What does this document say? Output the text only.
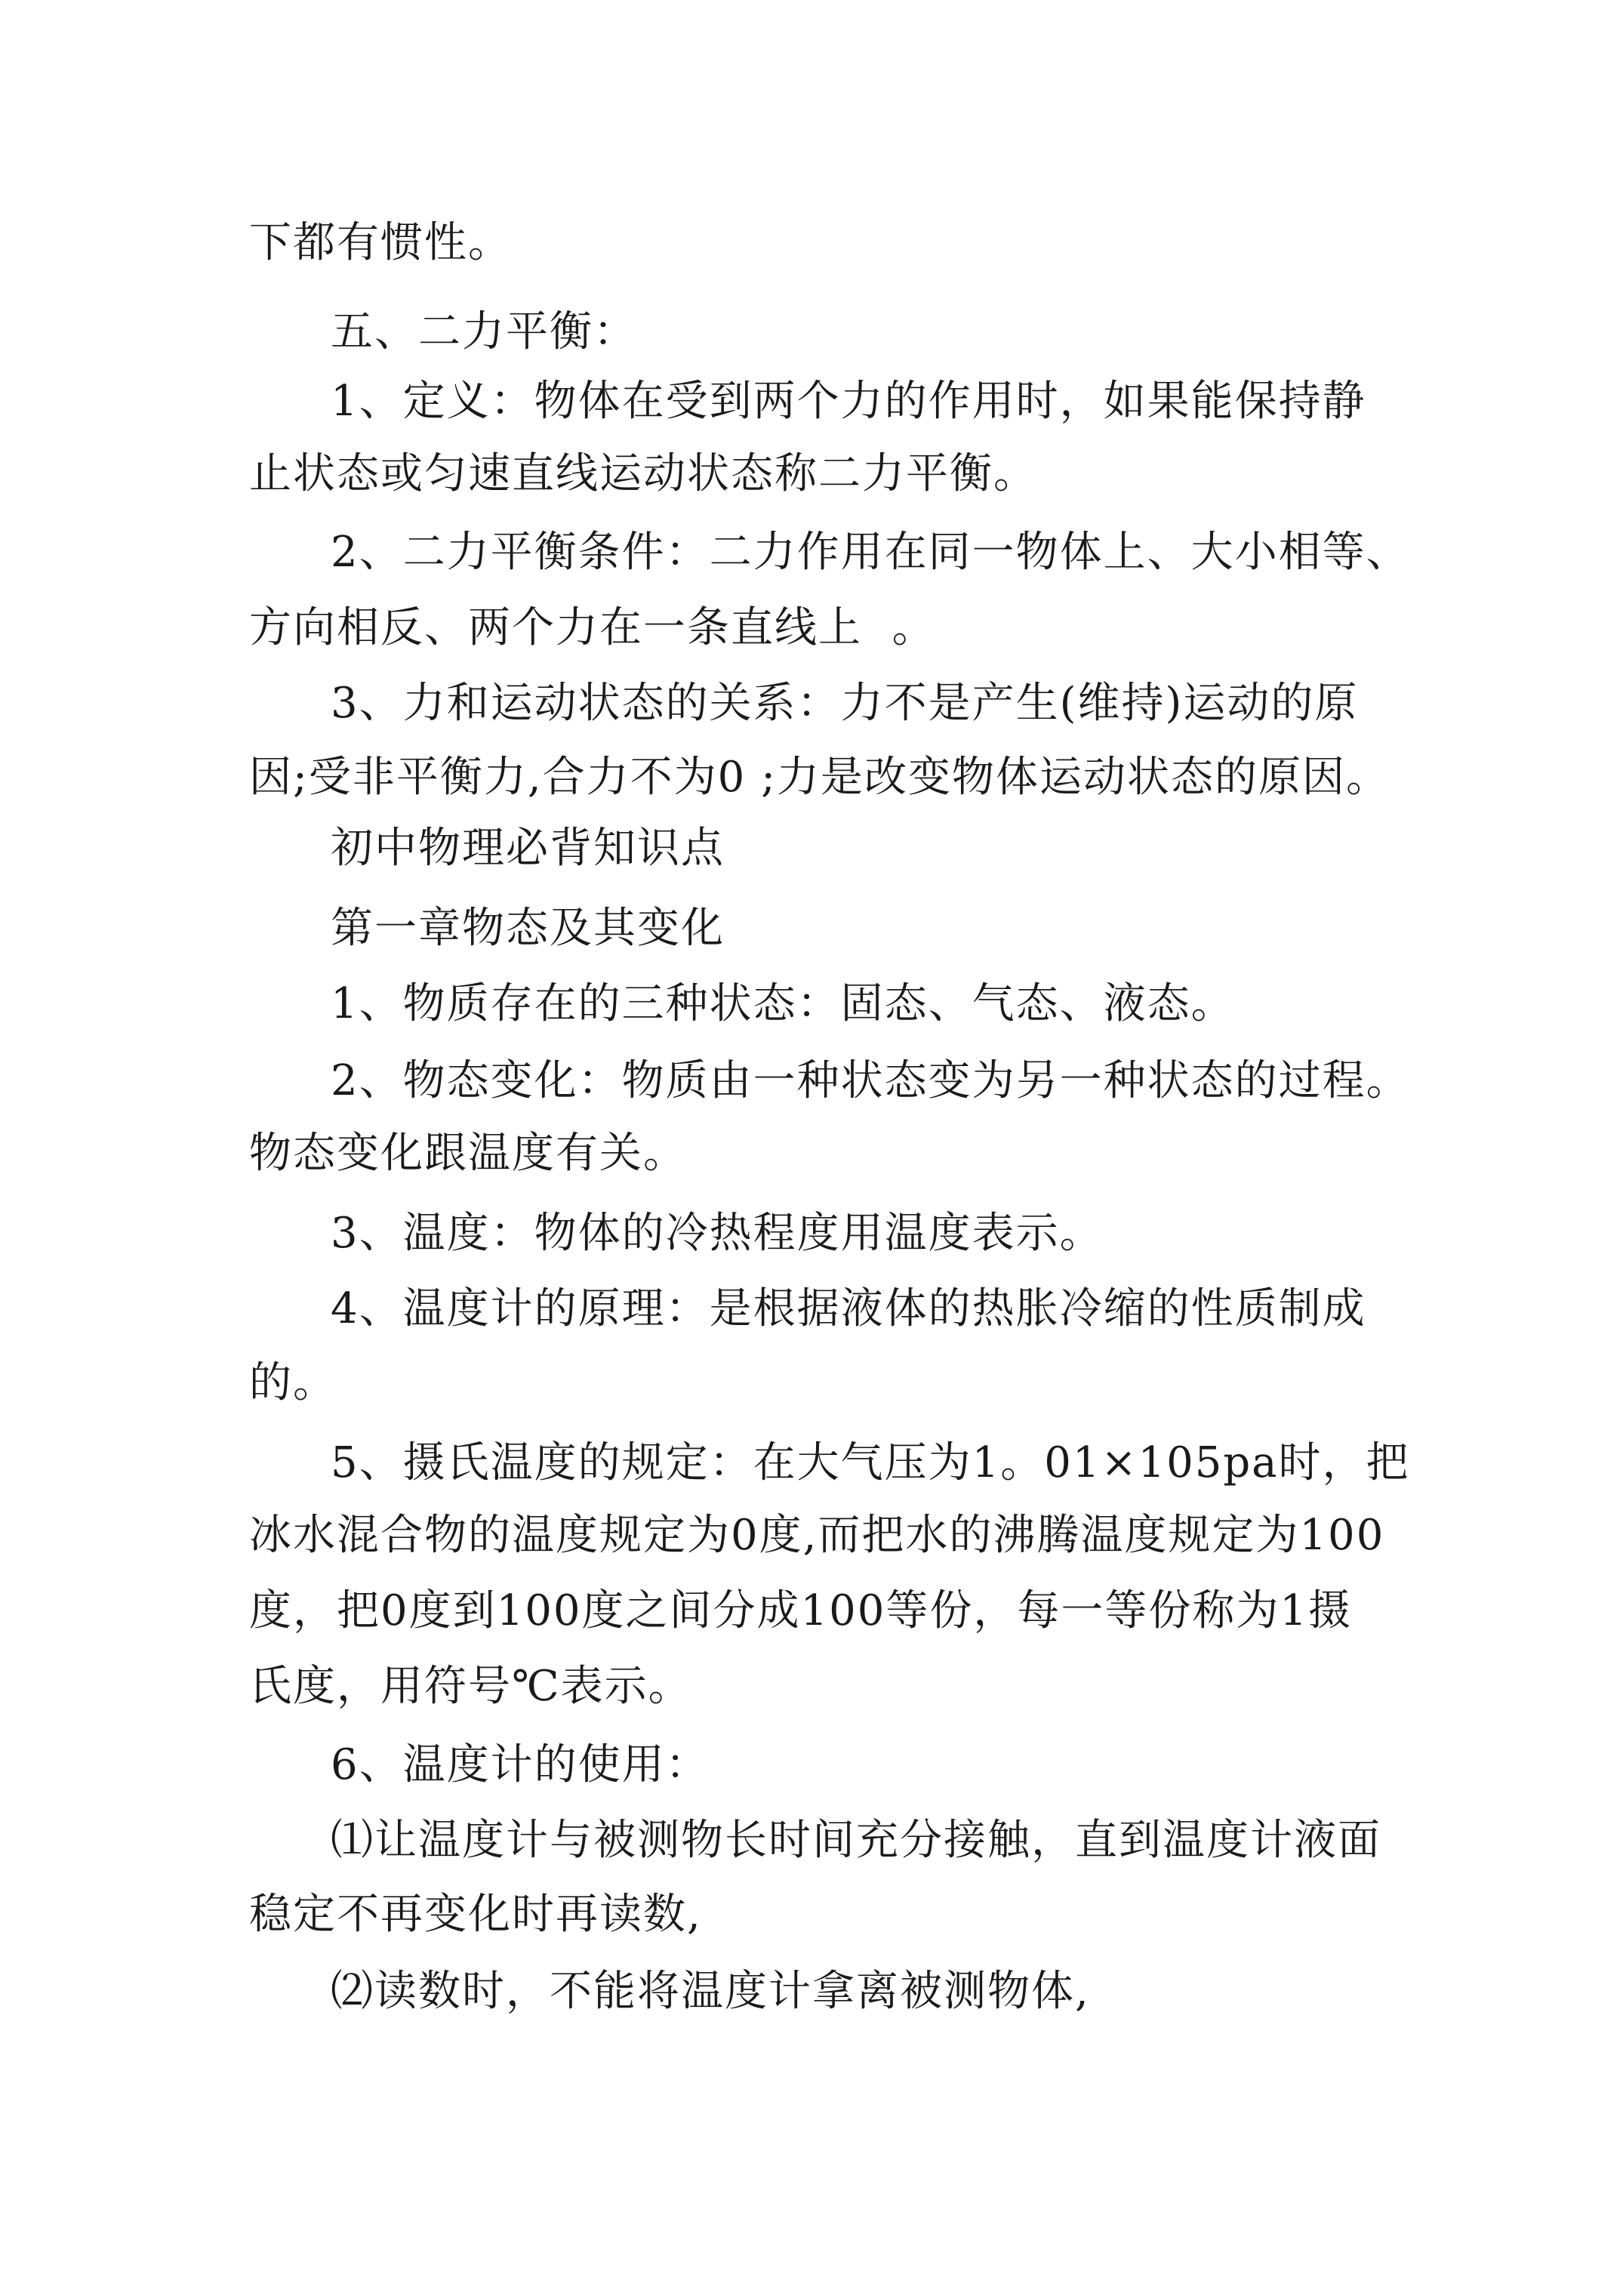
下都有惯性。
五、二力平衡：
1、定义：物体在受到两个力的作用时，如果能保持静
止状态或匀速直线运动状态称二力平衡。
2、二力平衡条件：二力作用在同一物体上、大小相等、
方向相反、两个力在一条直线上  。
3、力和运动状态的关系：力不是产生(维持)运动的原
因;受非平衡力,合力不为0 ;力是改变物体运动状态的原因。
初中物理必背知识点
第一章物态及其变化
1、物质存在的三种状态：固态、气态、液态。
2、物态变化：物质由一种状态变为另一种状态的过程。
物态变化跟温度有关。
3、温度：物体的冷热程度用温度表示。
4、温度计的原理：是根据液体的热胀冷缩的性质制成
的。
5、摄氏温度的规定：在大气压为1。01×105pa时，把
冰水混合物的温度规定为0度,而把水的沸腾温度规定为100
度，把0度到100度之间分成100等份，每一等份称为1摄
氏度，用符号℃表示。
6、温度计的使用：
⑴让温度计与被测物长时间充分接触，直到温度计液面
稳定不再变化时再读数,
⑵读数时，不能将温度计拿离被测物体,
